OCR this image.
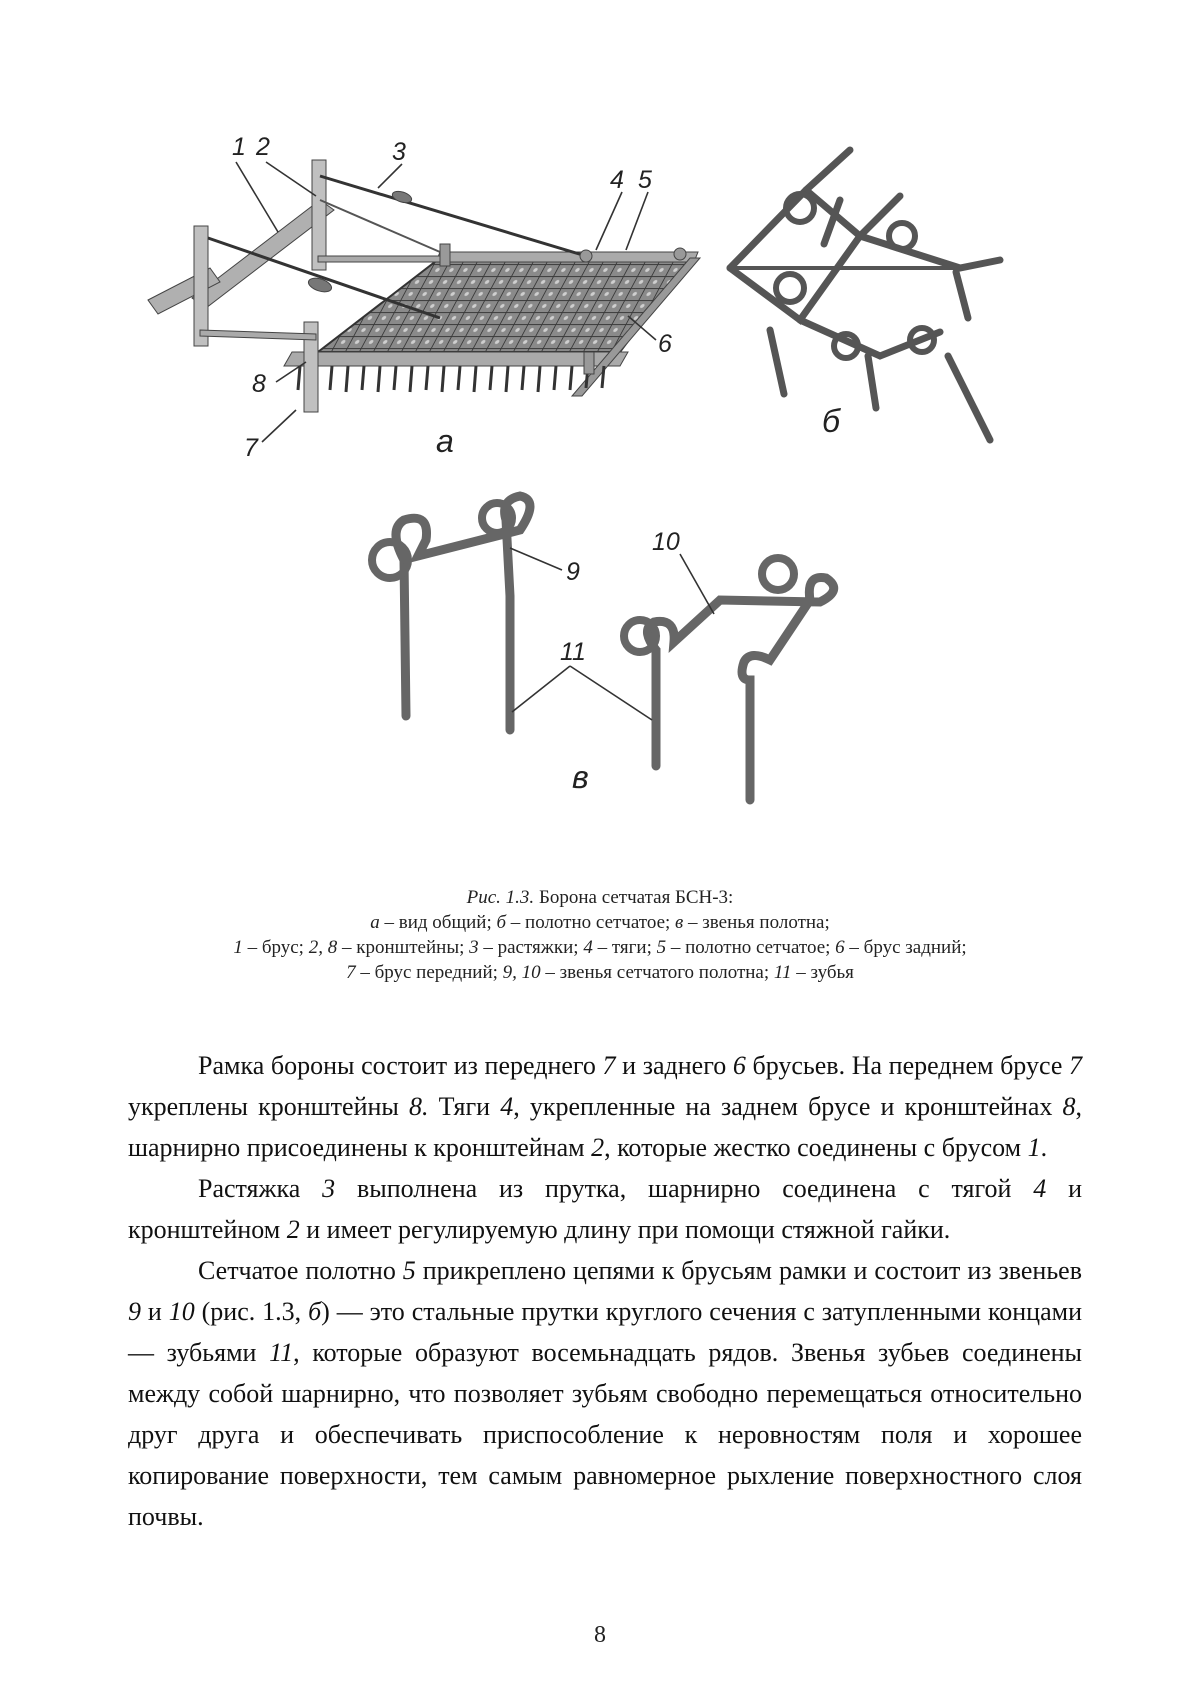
1 2	3
4 5
6
7
8
а
б
9
10
11
в
Рис. 1.3. Борона сетчатая БСН-3:
а – вид общий; б – полотно сетчатое; в – звенья полотна;
1 – брус; 2, 8 – кронштейны; 3 – растяжки; 4 – тяги; 5 – полотно сетчатое; 6 – брус задний;
7 – брус передний; 9, 10 – звенья сетчатого полотна; 11 – зубья

Рамка бороны состоит из переднего 7 и заднего 6 брусьев. На переднем брусе 7 укреплены кронштейны 8. Тяги 4, укрепленные на заднем брусе и кронштейнах 8, шарнирно присоединены к кронштейнам 2, которые жестко соединены с брусом 1.

Растяжка 3 выполнена из прутка, шарнирно соединена с тягой 4 и кронштейном 2 и имеет регулируемую длину при помощи стяжной гайки.

Сетчатое полотно 5 прикреплено цепями к брусьям рамки и состоит из звеньев 9 и 10 (рис. 1.3, б) — это стальные прутки круглого сечения с затупленными концами — зубьями 11, которые образуют восемьнадцать рядов. Звенья зубьев соединены между собой шарнирно, что позволяет зубьям свободно перемещаться относительно друг друга и обеспечивать приспособление к неровностям поля и хорошее копирование поверхности, тем самым равномерное рыхление поверхностного слоя почвы.

8
